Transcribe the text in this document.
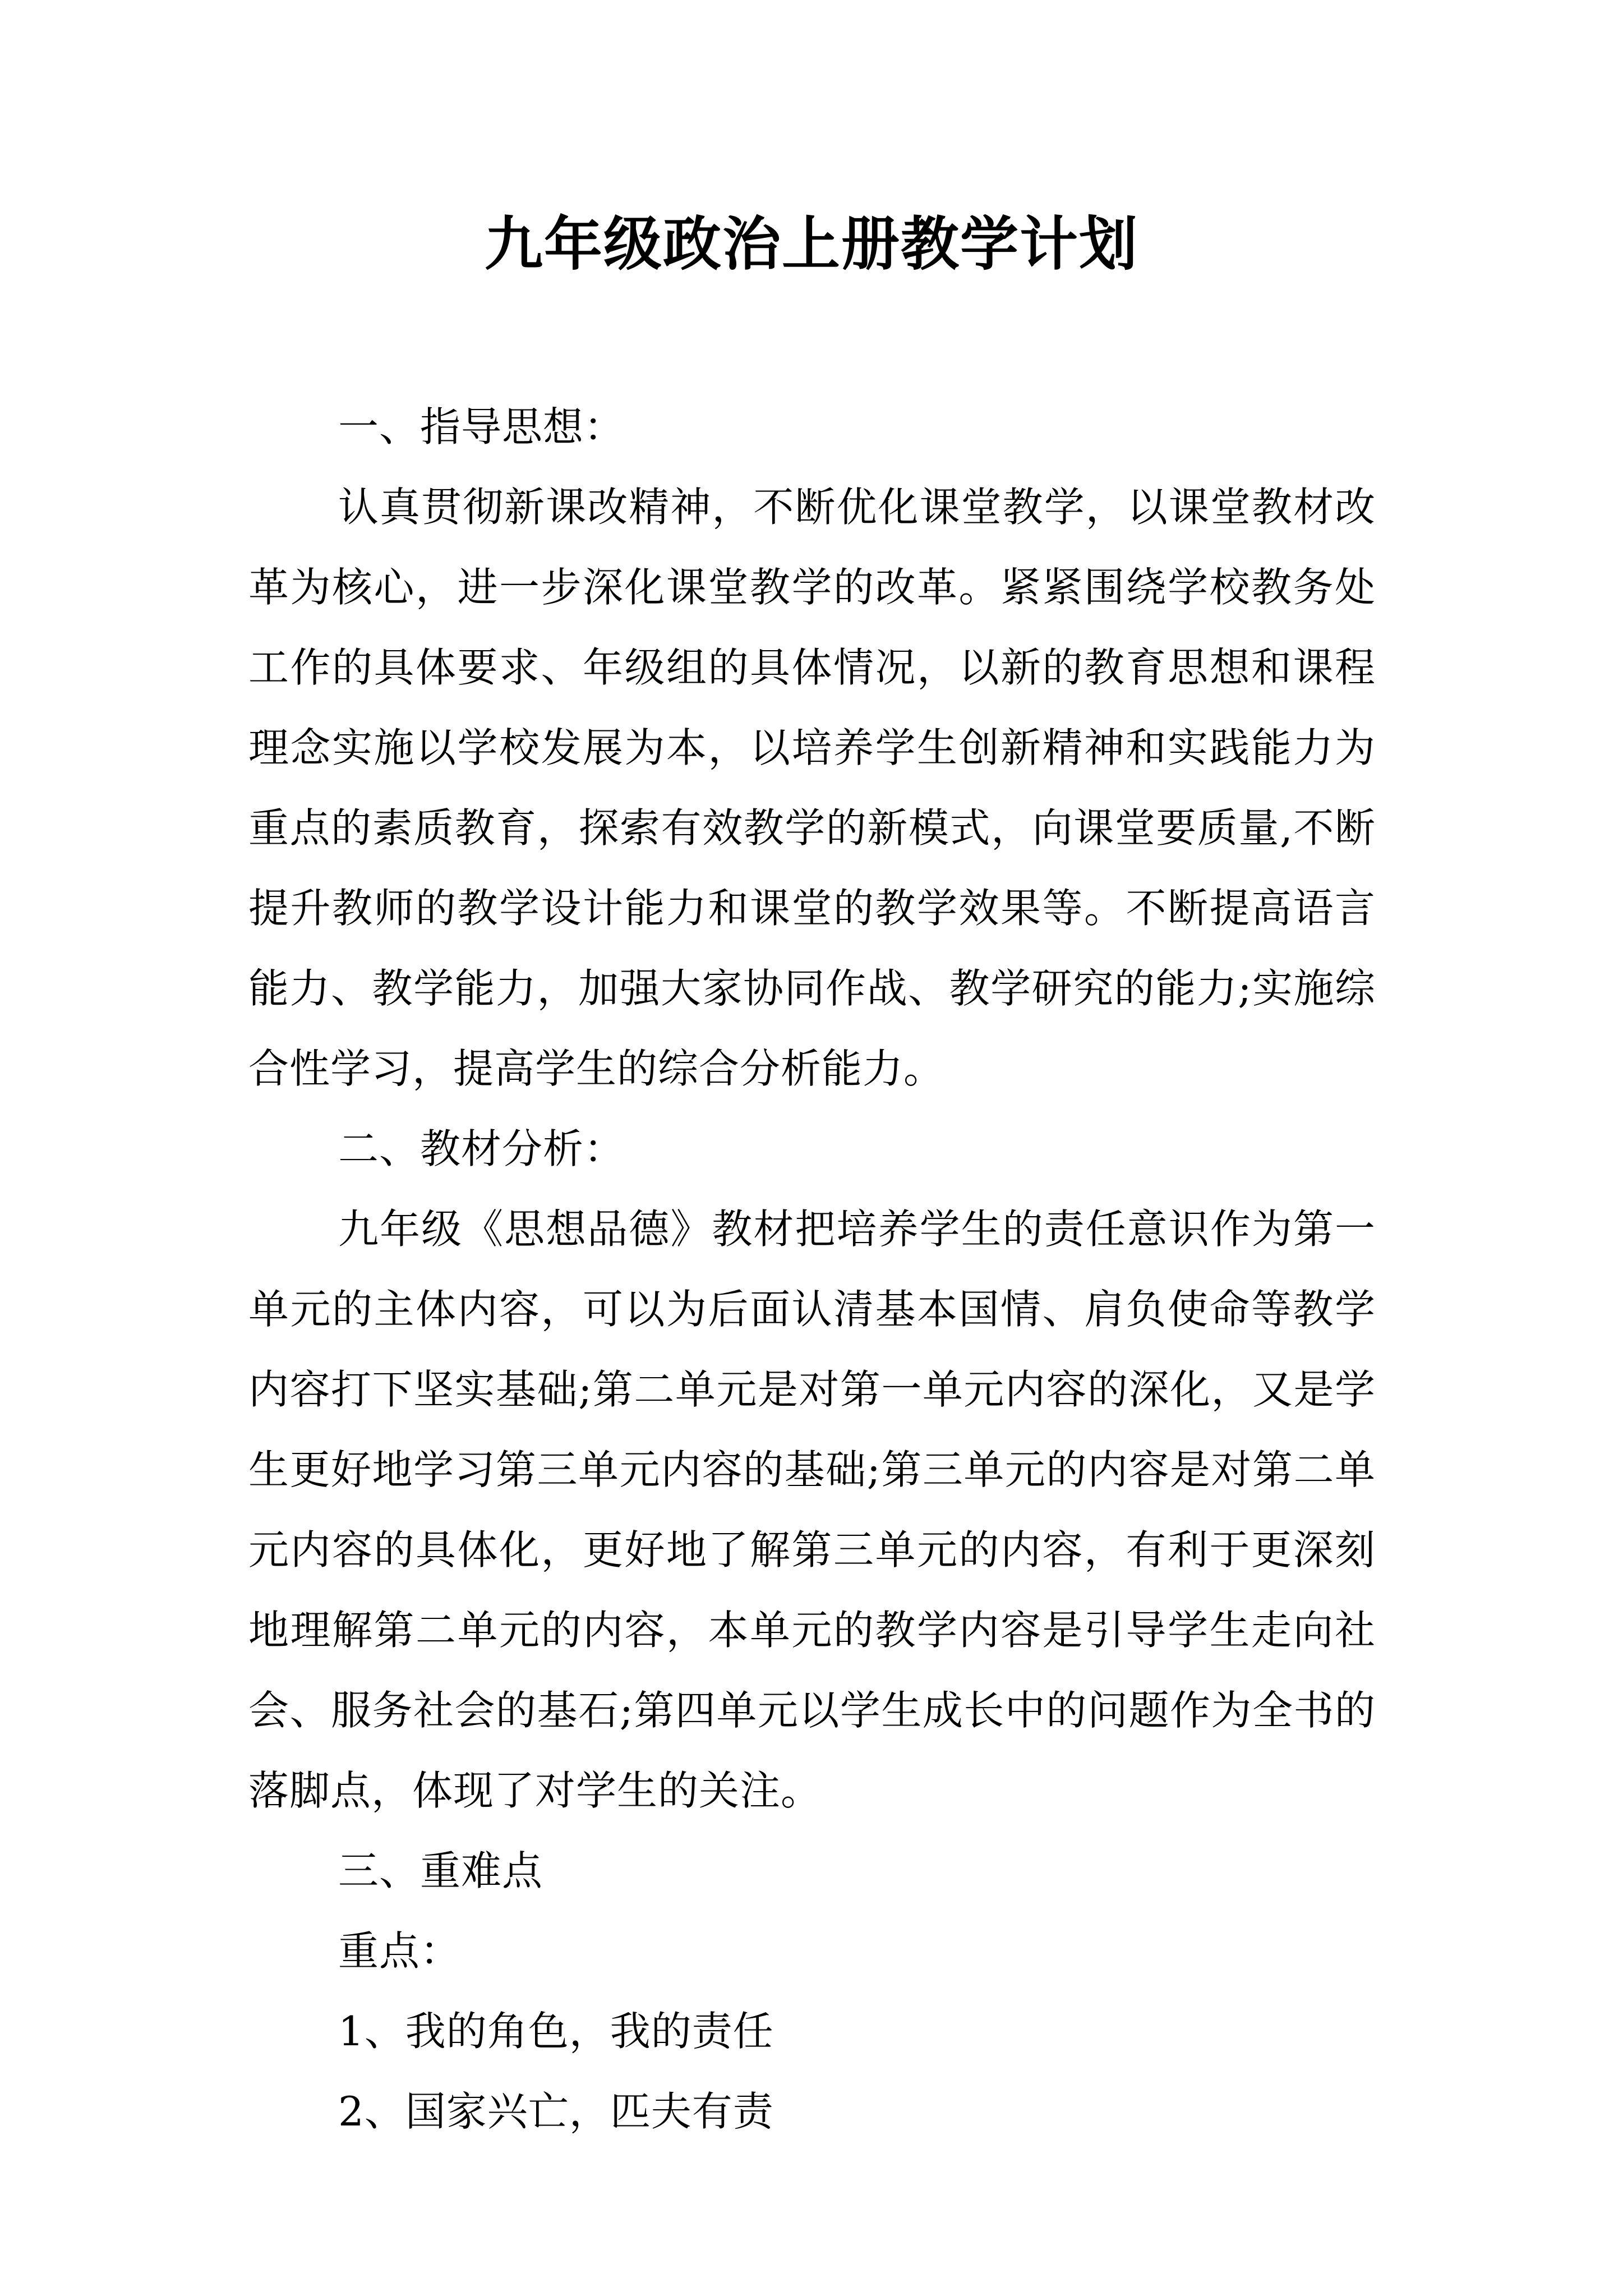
九年级政治上册教学计划

一、指导思想：

认真贯彻新课改精神，不断优化课堂教学，以课堂教材改革为核心，进一步深化课堂教学的改革。紧紧围绕学校教务处工作的具体要求、年级组的具体情况，以新的教育思想和课程理念实施以学校发展为本，以培养学生创新精神和实践能力为重点的素质教育，探索有效教学的新模式，向课堂要质量,不断提升教师的教学设计能力和课堂的教学效果等。不断提高语言能力、教学能力，加强大家协同作战、教学研究的能力;实施综合性学习，提高学生的综合分析能力。

二、教材分析：

九年级《思想品德》教材把培养学生的责任意识作为第一单元的主体内容，可以为后面认清基本国情、肩负使命等教学内容打下坚实基础;第二单元是对第一单元内容的深化，又是学生更好地学习第三单元内容的基础;第三单元的内容是对第二单元内容的具体化，更好地了解第三单元的内容，有利于更深刻地理解第二单元的内容，本单元的教学内容是引导学生走向社会、服务社会的基石;第四单元以学生成长中的问题作为全书的落脚点，体现了对学生的关注。

三、重难点

重点：

1、我的角色，我的责任

2、国家兴亡，匹夫有责
